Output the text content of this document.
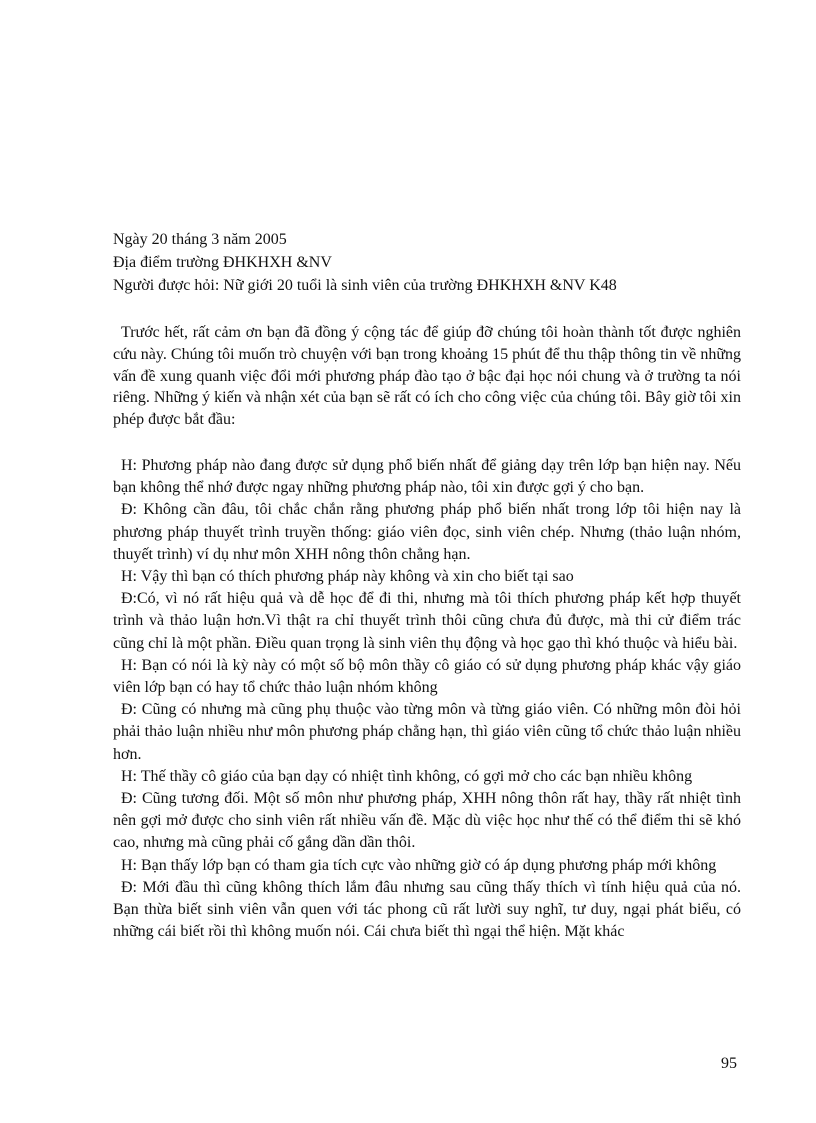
Ngày 20 tháng 3 năm 2005

Địa điểm trường ĐHKHXH &NV

Người được hỏi: Nữ giới 20 tuổi là sinh viên của trường ĐHKHXH &NV K48

Trước hết, rất cảm ơn bạn đã đồng ý cộng tác để giúp đỡ chúng tôi hoàn thành tốt được nghiên cứu này. Chúng tôi muốn trò chuyện với bạn trong khoảng 15 phút để thu thập thông tin về những vấn đề xung quanh việc đổi mới phương pháp đào tạo ở bậc đại học nói chung và ở trường ta nói riêng. Những ý kiến và nhận xét của bạn sẽ rất có ích cho công việc của chúng tôi. Bây giờ tôi xin phép được bắt đầu:

H: Phương pháp nào đang được sử dụng phổ biến nhất để giảng dạy trên lớp bạn hiện nay. Nếu bạn không thể nhớ được ngay những phương pháp nào, tôi xin được gợi ý cho bạn.

Đ: Không cần đâu, tôi chắc chắn rằng phương pháp phổ biến nhất trong lớp tôi hiện nay là phương pháp thuyết trình truyền thống: giáo viên đọc, sinh viên chép. Nhưng (thảo luận nhóm, thuyết trình) ví dụ như môn XHH nông thôn chẳng hạn.

H: Vậy thì bạn có thích phương pháp này không và xin cho biết tại sao

Đ:Có, vì nó rất hiệu quả và dễ học để đi thi, nhưng mà tôi thích phương pháp kết hợp thuyết trình và thảo luận hơn.Vì thật ra chỉ thuyết trình thôi cũng chưa đủ được, mà thi cử điểm trác cũng chỉ là một phần. Điều quan trọng là sinh viên thụ động và học gạo thì khó thuộc và hiểu bài.

H: Bạn có nói là kỳ này có một số bộ môn thầy cô giáo có sử dụng phương pháp khác vậy giáo viên lớp bạn có hay tổ chức thảo luận nhóm không

Đ: Cũng có nhưng mà cũng phụ thuộc vào từng môn và từng giáo viên. Có những môn đòi hỏi phải thảo luận nhiều như môn phương pháp chẳng hạn, thì giáo viên cũng tổ chức thảo luận nhiều hơn.

H: Thế thầy cô giáo của bạn dạy có nhiệt tình không, có gợi mở cho các bạn nhiều không

Đ: Cũng tương đối. Một số môn như phương pháp, XHH nông thôn rất hay, thầy rất nhiệt tình nên gợi mở được cho sinh viên rất nhiều vấn đề. Mặc dù việc học như thế có thể điểm thi sẽ khó cao, nhưng mà cũng phải cố gắng dần dần thôi.

H: Bạn thấy lớp bạn có tham gia tích cực vào những giờ có áp dụng phương pháp mới không

Đ: Mới đầu thì cũng không thích lắm đâu nhưng sau cũng thấy thích vì tính hiệu quả của nó. Bạn thừa biết sinh viên vẫn quen với tác phong cũ rất lười suy nghĩ, tư duy, ngại phát biểu, có những cái biết rồi thì không muốn nói. Cái chưa biết thì ngại thể hiện. Mặt khác

95
